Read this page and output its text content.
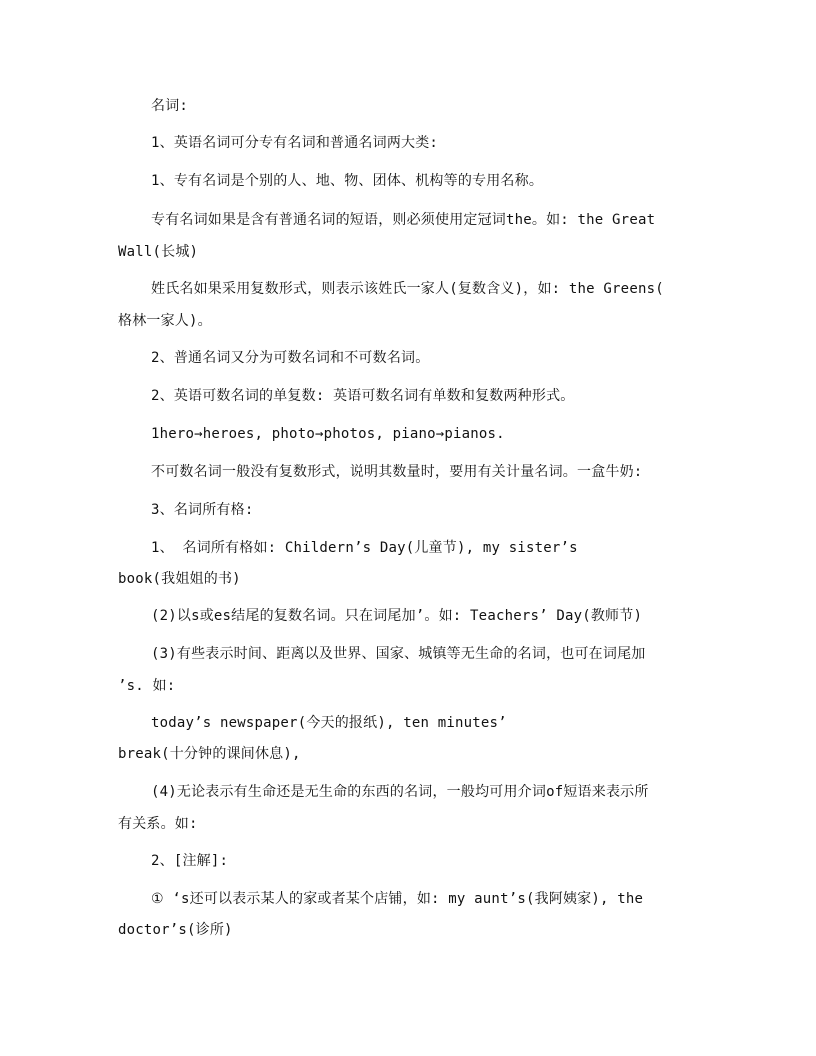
名词:
1、英语名词可分专有名词和普通名词两大类:
1、专有名词是个别的人、地、物、团体、机构等的专用名称。
专有名词如果是含有普通名词的短语，则必须使用定冠词the。如: the Great
Wall(长城)
姓氏名如果采用复数形式，则表示该姓氏一家人(复数含义)，如: the Greens(
格林一家人)。
2、普通名词又分为可数名词和不可数名词。
2、英语可数名词的单复数: 英语可数名词有单数和复数两种形式。
1hero→heroes, photo→photos, piano→pianos.
不可数名词一般没有复数形式，说明其数量时，要用有关计量名词。一盒牛奶:
3、名词所有格:
1、 名词所有格如: Childern’s Day(儿童节), my sister’s
book(我姐姐的书)
(2)以s或es结尾的复数名词。只在词尾加’。如: Teachers’ Day(教师节)
(3)有些表示时间、距离以及世界、国家、城镇等无生命的名词，也可在词尾加
’s. 如:
today’s newspaper(今天的报纸), ten minutes’
break(十分钟的课间休息),
(4)无论表示有生命还是无生命的东西的名词，一般均可用介词of短语来表示所
有关系。如:
2、[注解]:
① ‘s还可以表示某人的家或者某个店铺，如: my aunt’s(我阿姨家), the
doctor’s(诊所)
